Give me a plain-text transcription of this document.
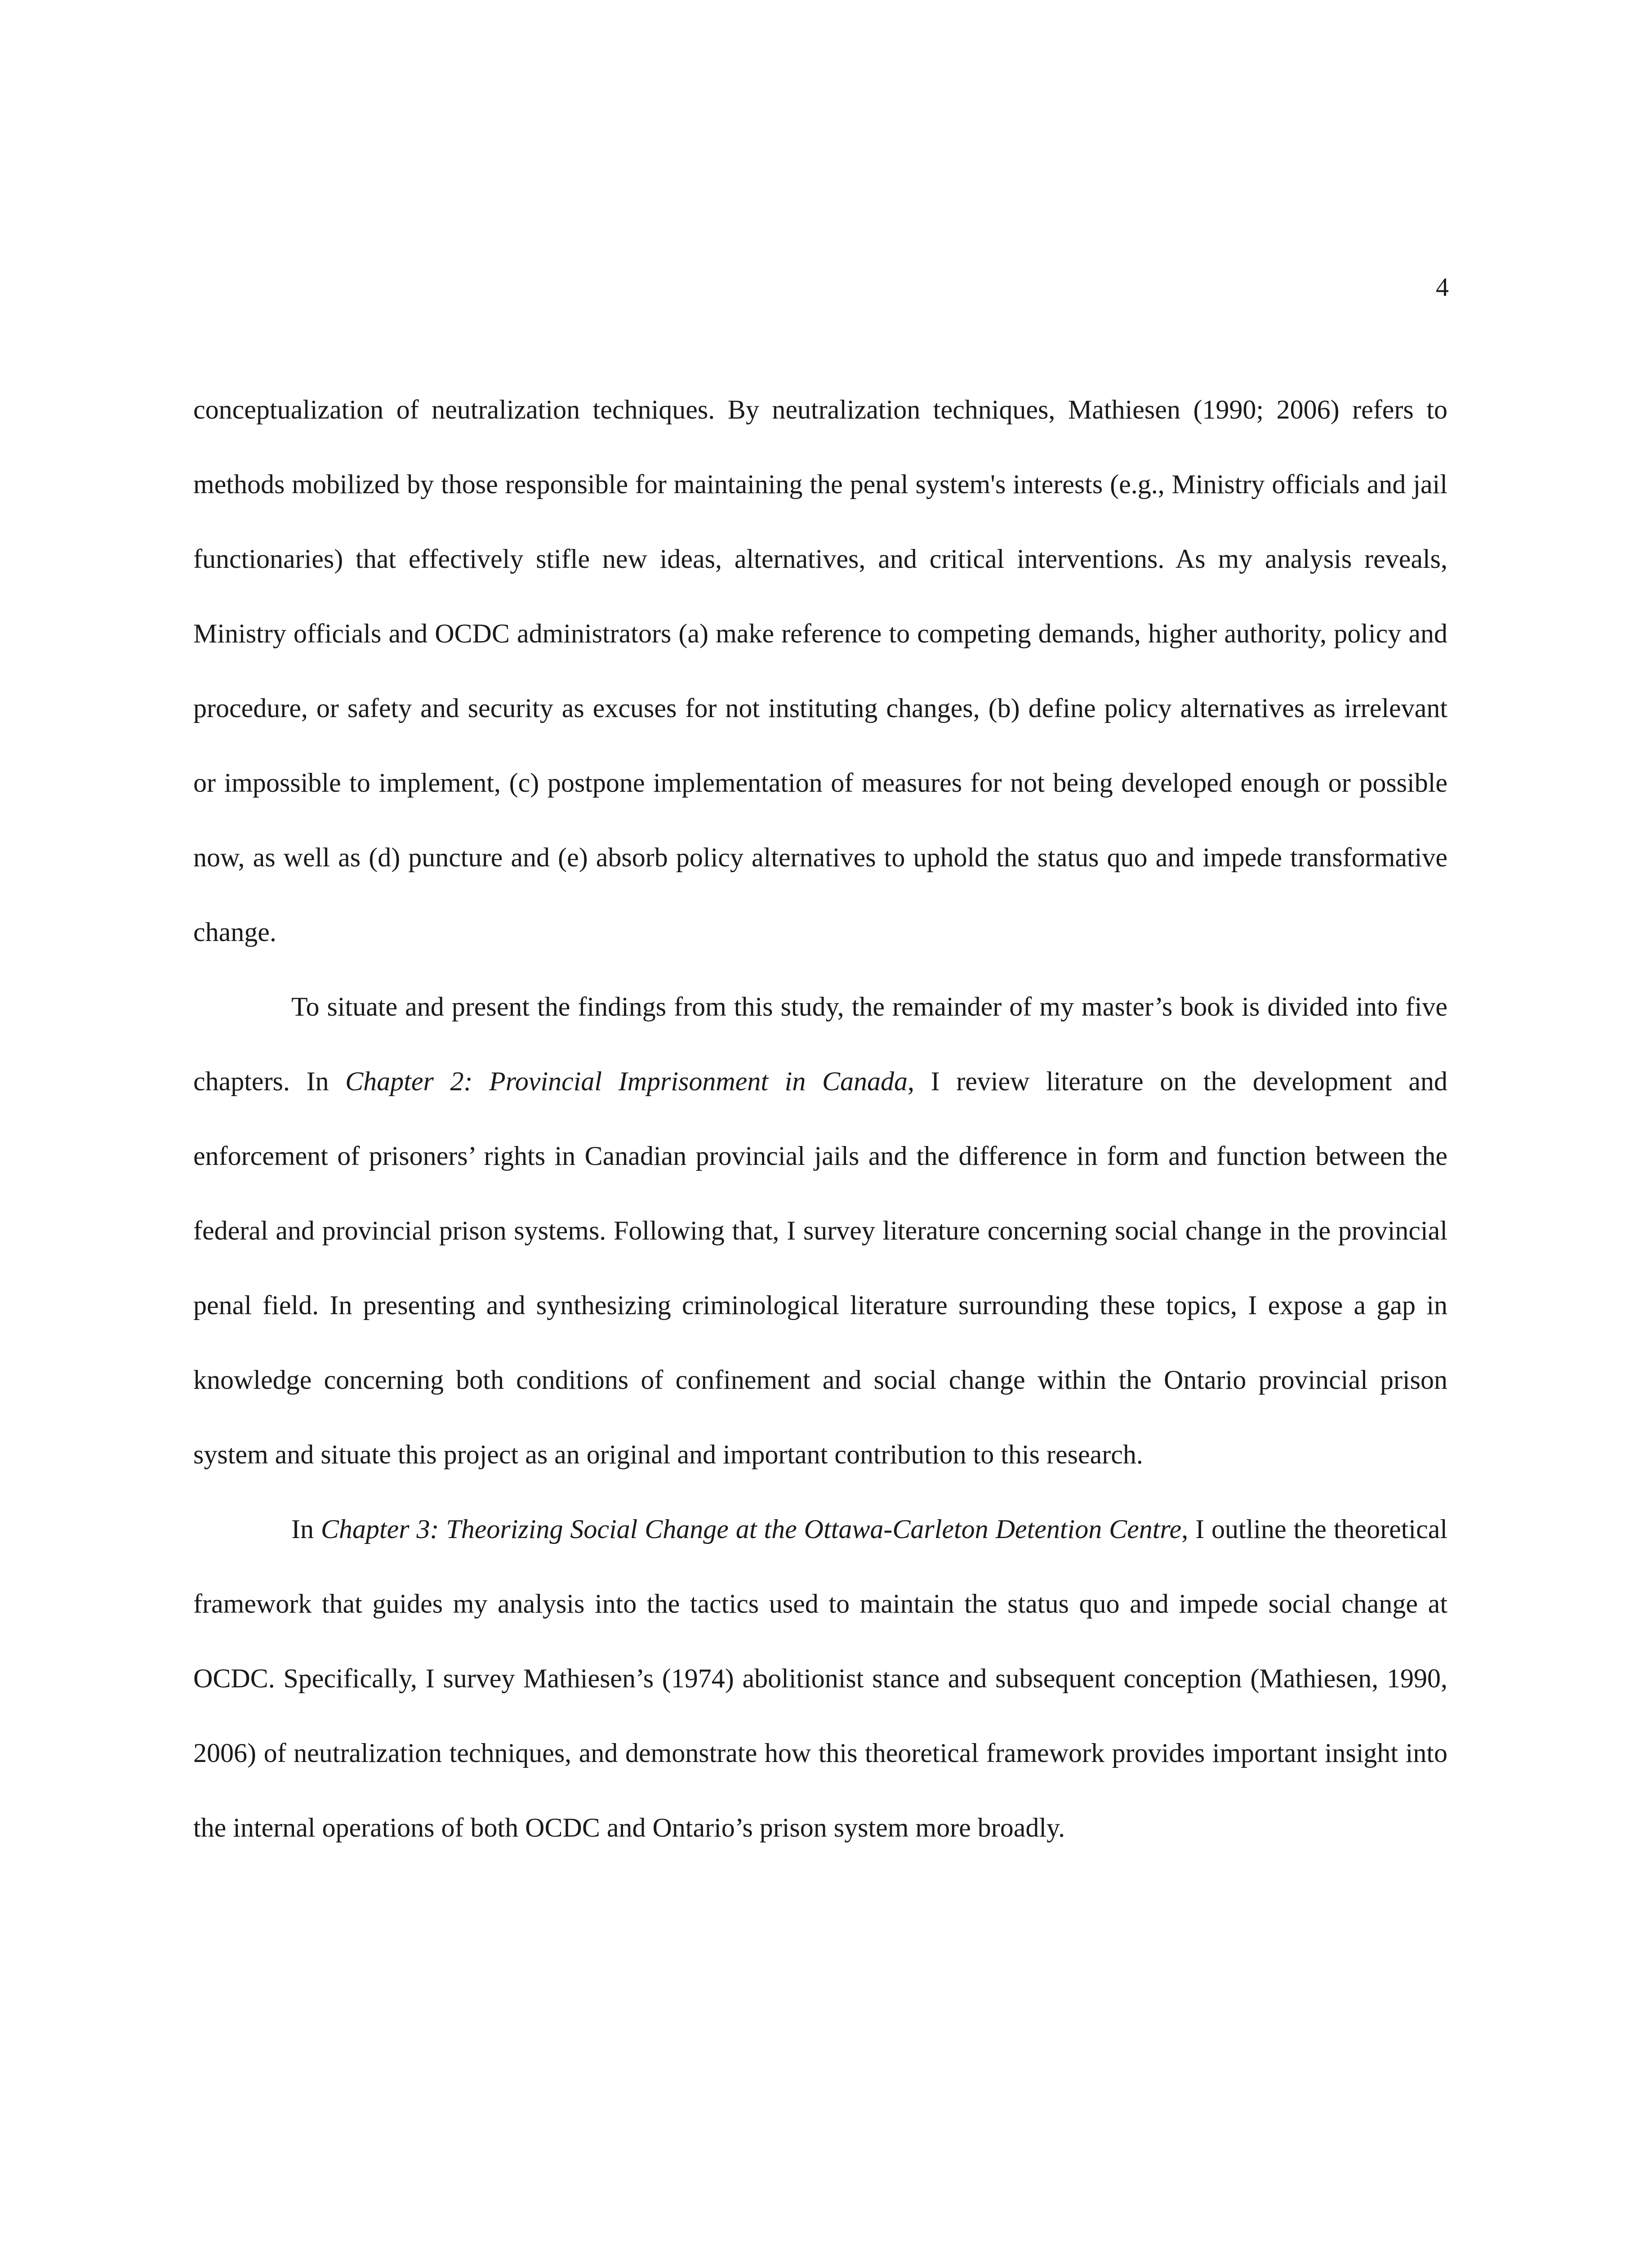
4

conceptualization of neutralization techniques. By neutralization techniques, Mathiesen (1990; 2006) refers to methods mobilized by those responsible for maintaining the penal system's interests (e.g., Ministry officials and jail functionaries) that effectively stifle new ideas, alternatives, and critical interventions. As my analysis reveals, Ministry officials and OCDC administrators (a) make reference to competing demands, higher authority, policy and procedure, or safety and security as excuses for not instituting changes, (b) define policy alternatives as irrelevant or impossible to implement, (c) postpone implementation of measures for not being developed enough or possible now, as well as (d) puncture and (e) absorb policy alternatives to uphold the status quo and impede transformative change.

To situate and present the findings from this study, the remainder of my master’s book is divided into five chapters. In Chapter 2: Provincial Imprisonment in Canada, I review literature on the development and enforcement of prisoners’ rights in Canadian provincial jails and the difference in form and function between the federal and provincial prison systems. Following that, I survey literature concerning social change in the provincial penal field. In presenting and synthesizing criminological literature surrounding these topics, I expose a gap in knowledge concerning both conditions of confinement and social change within the Ontario provincial prison system and situate this project as an original and important contribution to this research.

In Chapter 3: Theorizing Social Change at the Ottawa-Carleton Detention Centre, I outline the theoretical framework that guides my analysis into the tactics used to maintain the status quo and impede social change at OCDC. Specifically, I survey Mathiesen’s (1974) abolitionist stance and subsequent conception (Mathiesen, 1990, 2006) of neutralization techniques, and demonstrate how this theoretical framework provides important insight into the internal operations of both OCDC and Ontario’s prison system more broadly.
